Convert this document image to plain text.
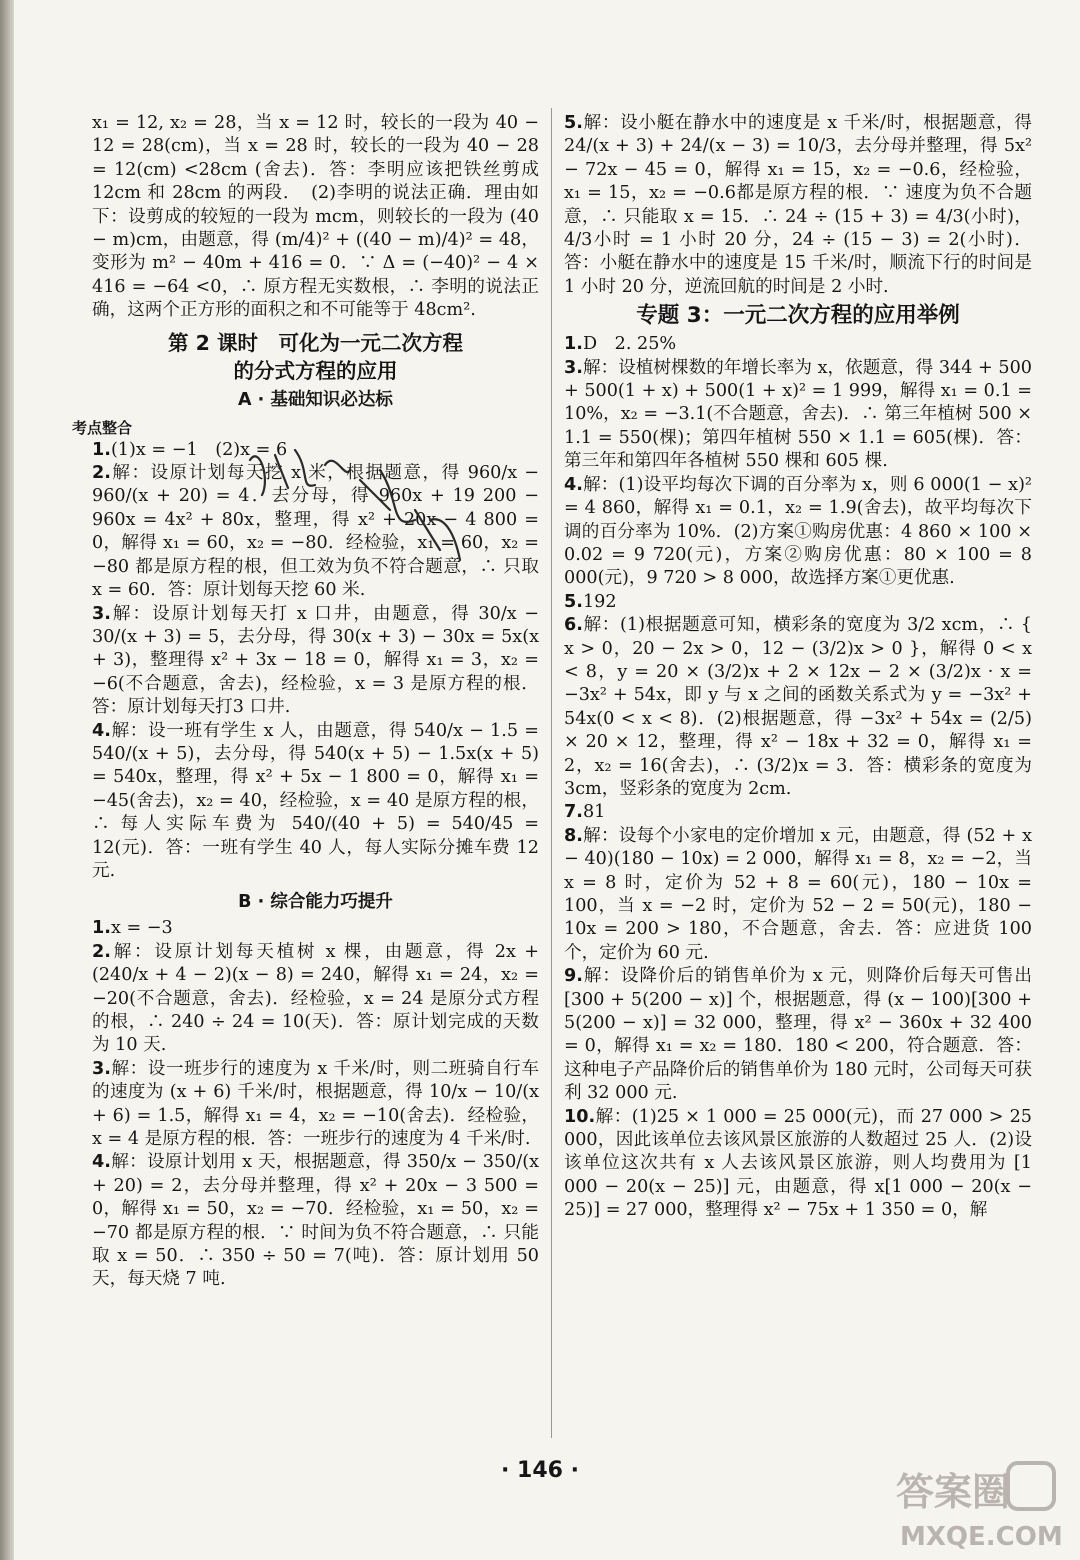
x₁ = 12, x₂ = 28，当 x = 12 时，较长的一段为 40 − 12 = 28(cm)，当 x = 28 时，较长的一段为 40 − 28 = 12(cm) <28cm (舍去)．答：李明应该把铁丝剪成 12cm 和 28cm 的两段．　(2)李明的说法正确．理由如下：设剪成的较短的一段为 mcm，则较长的一段为 (40 − m)cm，由题意，得 (m/4)² + ((40 − m)/4)² = 48，变形为 m² − 40m + 416 = 0．∵ Δ = (−40)² − 4 × 416 = −64 <0，∴ 原方程无实数根，∴ 李明的说法正确，这两个正方形的面积之和不可能等于 48cm².

第 2 课时　可化为一元二次方程
的分式方程的应用
A · 基础知识必达标
考点整合

1.(1)x = −1　(2)x = 6

2.解：设原计划每天挖 x 米，根据题意，得 960/x − 960/(x + 20) = 4．去分母，得 960x + 19 200 − 960x = 4x² + 80x，整理，得 x² + 20x − 4 800 = 0，解得 x₁ = 60，x₂ = −80．经检验，x₁ = 60，x₂ = −80 都是原方程的根，但工效为负不符合题意，∴ 只取 x = 60．答：原计划每天挖 60 米.

3.解：设原计划每天打 x 口井，由题意，得 30/x − 30/(x + 3) = 5，去分母，得 30(x + 3) − 30x = 5x(x + 3)，整理得 x² + 3x − 18 = 0，解得 x₁ = 3，x₂ = −6(不合题意，舍去)，经检验，x = 3 是原方程的根．答：原计划每天打3 口井.

4.解：设一班有学生 x 人，由题意，得 540/x − 1.5 = 540/(x + 5)，去分母，得 540(x + 5) − 1.5x(x + 5) = 540x，整理，得 x² + 5x − 1 800 = 0，解得 x₁ = −45(舍去)，x₂ = 40，经检验，x = 40 是原方程的根，∴ 每人实际车费为 540/(40 + 5) = 540/45 = 12(元)．答：一班有学生 40 人，每人实际分摊车费 12 元.

B · 综合能力巧提升

1.x = −3

2.解：设原计划每天植树 x 棵，由题意，得 2x + (240/x + 4 − 2)(x − 8) = 240，解得 x₁ = 24，x₂ = −20(不合题意，舍去)．经检验，x = 24 是原分式方程的根，∴ 240 ÷ 24 = 10(天)．答：原计划完成的天数为 10 天.

3.解：设一班步行的速度为 x 千米/时，则二班骑自行车的速度为 (x + 6) 千米/时，根据题意，得 10/x − 10/(x + 6) = 1.5，解得 x₁ = 4，x₂ = −10(舍去)．经检验，x = 4 是原方程的根．答：一班步行的速度为 4 千米/时.

4.解：设原计划用 x 天，根据题意，得 350/x − 350/(x + 20) = 2，去分母并整理，得 x² + 20x − 3 500 = 0，解得 x₁ = 50，x₂ = −70．经检验，x₁ = 50，x₂ = −70 都是原方程的根．∵ 时间为负不符合题意，∴ 只能取 x = 50．∴ 350 ÷ 50 = 7(吨)．答：原计划用 50 天，每天烧 7 吨.

5.解：设小艇在静水中的速度是 x 千米/时，根据题意，得 24/(x + 3) + 24/(x − 3) = 10/3，去分母并整理，得 5x² − 72x − 45 = 0，解得 x₁ = 15，x₂ = −0.6，经检验，x₁ = 15，x₂ = −0.6都是原方程的根．∵ 速度为负不合题意，∴ 只能取 x = 15．∴ 24 ÷ (15 + 3) = 4/3(小时)，4/3小时 = 1 小时 20 分，24 ÷ (15 − 3) = 2(小时)．答：小艇在静水中的速度是 15 千米/时，顺流下行的时间是 1 小时 20 分，逆流回航的时间是 2 小时.

专题 3：一元二次方程的应用举例

1.D　2. 25%

3.解：设植树棵数的年增长率为 x，依题意，得 344 + 500 + 500(1 + x) + 500(1 + x)² = 1 999，解得 x₁ = 0.1 = 10%，x₂ = −3.1(不合题意，舍去)．∴ 第三年植树 500 × 1.1 = 550(棵)；第四年植树 550 × 1.1 = 605(棵)．答：第三年和第四年各植树 550 棵和 605 棵.

4.解：(1)设平均每次下调的百分率为 x，则 6 000(1 − x)² = 4 860，解得 x₁ = 0.1，x₂ = 1.9(舍去)，故平均每次下调的百分率为 10%．(2)方案①购房优惠：4 860 × 100 × 0.02 = 9 720(元)，方案②购房优惠：80 × 100 = 8 000(元)，9 720 > 8 000，故选择方案①更优惠.

5.192

6.解：(1)根据题意可知，横彩条的宽度为 3/2 xcm，∴ { x > 0，20 − 2x > 0，12 − (3/2)x > 0 }，解得 0 < x < 8，y = 20 × (3/2)x + 2 × 12x − 2 × (3/2)x · x = −3x² + 54x，即 y 与 x 之间的函数关系式为 y = −3x² + 54x(0 < x < 8)．(2)根据题意，得 −3x² + 54x = (2/5) × 20 × 12，整理，得 x² − 18x + 32 = 0，解得 x₁ = 2，x₂ = 16(舍去)，∴ (3/2)x = 3．答：横彩条的宽度为 3cm，竖彩条的宽度为 2cm.

7.81

8.解：设每个小家电的定价增加 x 元，由题意，得 (52 + x − 40)(180 − 10x) = 2 000，解得 x₁ = 8，x₂ = −2，当 x = 8 时，定价为 52 + 8 = 60(元)，180 − 10x = 100，当 x = −2 时，定价为 52 − 2 = 50(元)，180 − 10x = 200 > 180，不合题意，舍去．答：应进货 100 个，定价为 60 元.

9.解：设降价后的销售单价为 x 元，则降价后每天可售出 [300 + 5(200 − x)] 个，根据题意，得 (x − 100)[300 + 5(200 − x)] = 32 000，整理，得 x² − 360x + 32 400 = 0，解得 x₁ = x₂ = 180．180 < 200，符合题意．答：这种电子产品降价后的销售单价为 180 元时，公司每天可获利 32 000 元.

10.解：(1)25 × 1 000 = 25 000(元)，而 27 000 > 25 000，因此该单位去该风景区旅游的人数超过 25 人．(2)设该单位这次共有 x 人去该风景区旅游，则人均费用为 [1 000 − 20(x − 25)] 元，由题意，得 x[1 000 − 20(x − 25)] = 27 000，整理得 x² − 75x + 1 350 = 0，解

· 146 ·	答案圈
MXQE.COM
